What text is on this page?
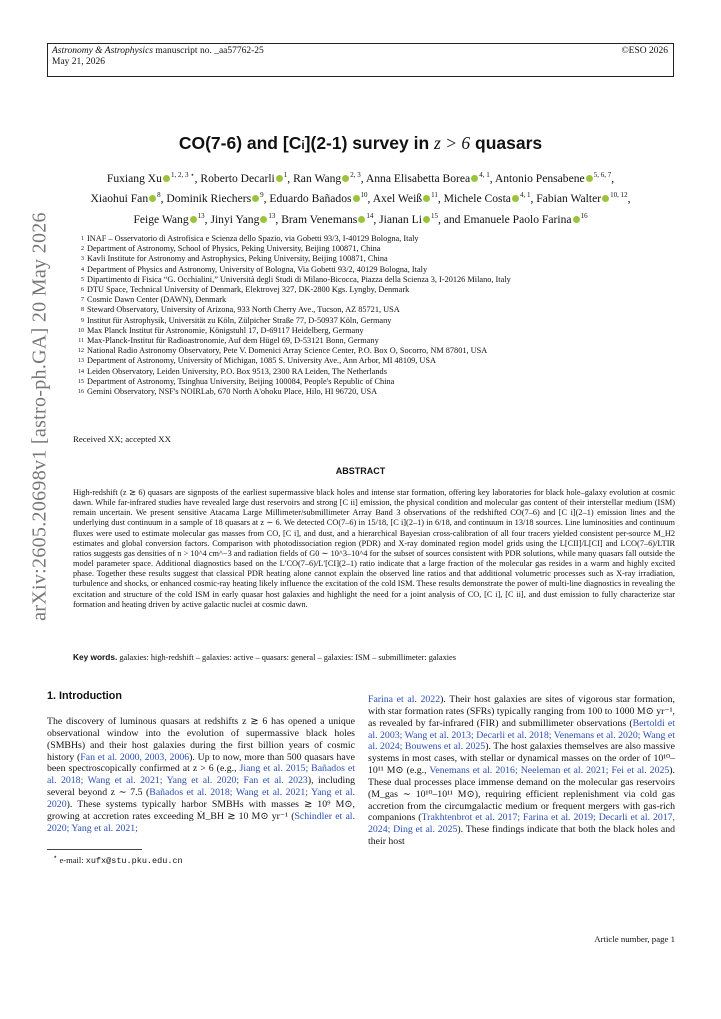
Astronomy & Astrophysics manuscript no. _aa57762-25
May 21, 2026
©ESO 2026
arXiv:2605.20698v1 [astro-ph.GA] 20 May 2026
CO(7-6) and [Ci](2-1) survey in z > 6 quasars
Fuxiang Xu $^{1, 2, 3 ⋆}$, Roberto Decarli $^1$, Ran Wang $^{2, 3}$, Anna Elisabetta Borea $^{4, 1}$, Antonio Pensabene $^{5, 6, 7}$,
Xiaohui Fan $^8$, Dominik Riechers $^9$, Eduardo Bañados $^{10}$, Axel Weiß $^{11}$, Michele Costa $^{4, 1}$, Fabian Walter $^{10, 12}$,
Feige Wang $^{13}$, Jinyi Yang $^{13}$, Bram Venemans $^{14}$, Jianan Li $^{15}$, and Emanuele Paolo Farina $^{16}$
1 INAF – Osservatorio di Astrofisica e Scienza dello Spazio, via Gobetti 93/3, I-40129 Bologna, Italy
2 Department of Astronomy, School of Physics, Peking University, Beijing 100871, China
3 Kavli Institute for Astronomy and Astrophysics, Peking University, Beijing 100871, China
4 Department of Physics and Astronomy, University of Bologna, Via Gobetti 93/2, 40129 Bologna, Italy
5 Dipartimento di Fisica “G. Occhialini,” Università degli Studi di Milano-Bicocca, Piazza della Scienza 3, I-20126 Milano, Italy
6 DTU Space, Technical University of Denmark, Elektrovej 327, DK-2800 Kgs. Lyngby, Denmark
7 Cosmic Dawn Center (DAWN), Denmark
8 Steward Observatory, University of Arizona, 933 North Cherry Ave., Tucson, AZ 85721, USA
9 Institut für Astrophysik, Universität zu Köln, Zülpicher Straße 77, D-50937 Köln, Germany
10 Max Planck Institut für Astronomie, Königstuhl 17, D-69117 Heidelberg, Germany
11 Max-Planck-Institut für Radioastronomie, Auf dem Hügel 69, D-53121 Bonn, Germany
12 National Radio Astronomy Observatory, Pete V. Domenici Array Science Center, P.O. Box O, Socorro, NM 87801, USA
13 Department of Astronomy, University of Michigan, 1085 S. University Ave., Ann Arbor, MI 48109, USA
14 Leiden Observatory, Leiden University, P.O. Box 9513, 2300 RA Leiden, The Netherlands
15 Department of Astronomy, Tsinghua University, Beijing 100084, People's Republic of China
16 Gemini Observatory, NSF's NOIRLab, 670 North A'ohoku Place, Hilo, HI 96720, USA
Received XX; accepted XX
ABSTRACT
High-redshift (z ≳ 6) quasars are signposts of the earliest supermassive black holes and intense star formation, offering key laboratories for black hole–galaxy evolution at cosmic dawn. While far-infrared studies have revealed large dust reservoirs and strong [C ii] emission, the physical condition and molecular gas content of their interstellar medium (ISM) remain uncertain. We present sensitive Atacama Large Millimeter/submillimeter Array Band 3 observations of the redshifted CO(7–6) and [C i](2–1) emission lines and the underlying dust continuum in a sample of 18 quasars at z ∼ 6. We detected CO(7–6) in 15/18, [C i](2–1) in 6/18, and continuum in 13/18 sources. Line luminosities and continuum fluxes were used to estimate molecular gas masses from CO, [C i], and dust, and a hierarchical Bayesian cross-calibration of all four tracers yielded consistent per-source M_H2 estimates and global conversion factors. Comparison with photodissociation region (PDR) and X-ray dominated region model grids using the L[CII]/L[CI] and LCO(7–6)/LTIR ratios suggests gas densities of n > 10^4 cm^−3 and radiation fields of G0 ∼ 10^3–10^4 for the subset of sources consistent with PDR solutions, while many quasars fall outside the model parameter space. Additional diagnostics based on the L′CO(7–6)/L′[CI](2–1) ratio indicate that a large fraction of the molecular gas resides in a warm and highly excited phase. Together these results suggest that classical PDR heating alone cannot explain the observed line ratios and that additional volumetric processes such as X-ray irradiation, turbulence and shocks, or enhanced cosmic-ray heating likely influence the excitation of the cold ISM. These results demonstrate the power of multi-line diagnostics in revealing the excitation and structure of the cold ISM in early quasar host galaxies and highlight the need for a joint analysis of CO, [C i], [C ii], and dust emission to fully characterize star formation and heating driven by active galactic nuclei at cosmic dawn.
Key words. galaxies: high-redshift – galaxies: active – quasars: general – galaxies: ISM – submillimeter: galaxies
1. Introduction
The discovery of luminous quasars at redshifts z ≳ 6 has opened a unique observational window into the evolution of supermassive black holes (SMBHs) and their host galaxies during the first billion years of cosmic history (Fan et al. 2000, 2003, 2006). Up to now, more than 500 quasars have been spectroscopically confirmed at z > 6 (e.g., Jiang et al. 2015; Bañados et al. 2018; Wang et al. 2021; Yang et al. 2020; Fan et al. 2023), including several beyond z ∼ 7.5 (Bañados et al. 2018; Wang et al. 2021; Yang et al. 2020). These systems typically harbor SMBHs with masses ≳ 10⁹ M⊙, growing at accretion rates exceeding Ṁ_BH ≳ 10 M⊙ yr⁻¹ (Schindler et al. 2020; Yang et al. 2021;
Farina et al. 2022). Their host galaxies are sites of vigorous star formation, with star formation rates (SFRs) typically ranging from 100 to 1000 M⊙ yr⁻¹, as revealed by far-infrared (FIR) and submillimeter observations (Bertoldi et al. 2003; Wang et al. 2013; Decarli et al. 2018; Venemans et al. 2020; Wang et al. 2024; Bouwens et al. 2025). The host galaxies themselves are also massive systems in most cases, with stellar or dynamical masses on the order of 10¹⁰–10¹¹ M⊙ (e.g., Venemans et al. 2016; Neeleman et al. 2021; Fei et al. 2025). These dual processes place immense demand on the molecular gas reservoirs (M_gas ∼ 10¹⁰–10¹¹ M⊙), requiring efficient replenishment via cold gas accretion from the circumgalactic medium or frequent mergers with gas-rich companions (Trakhtenbrot et al. 2017; Farina et al. 2019; Decarli et al. 2017, 2024; Ding et al. 2025). These findings indicate that both the black holes and their host
⋆ e-mail: xufx@stu.pku.edu.cn
Article number, page 1
